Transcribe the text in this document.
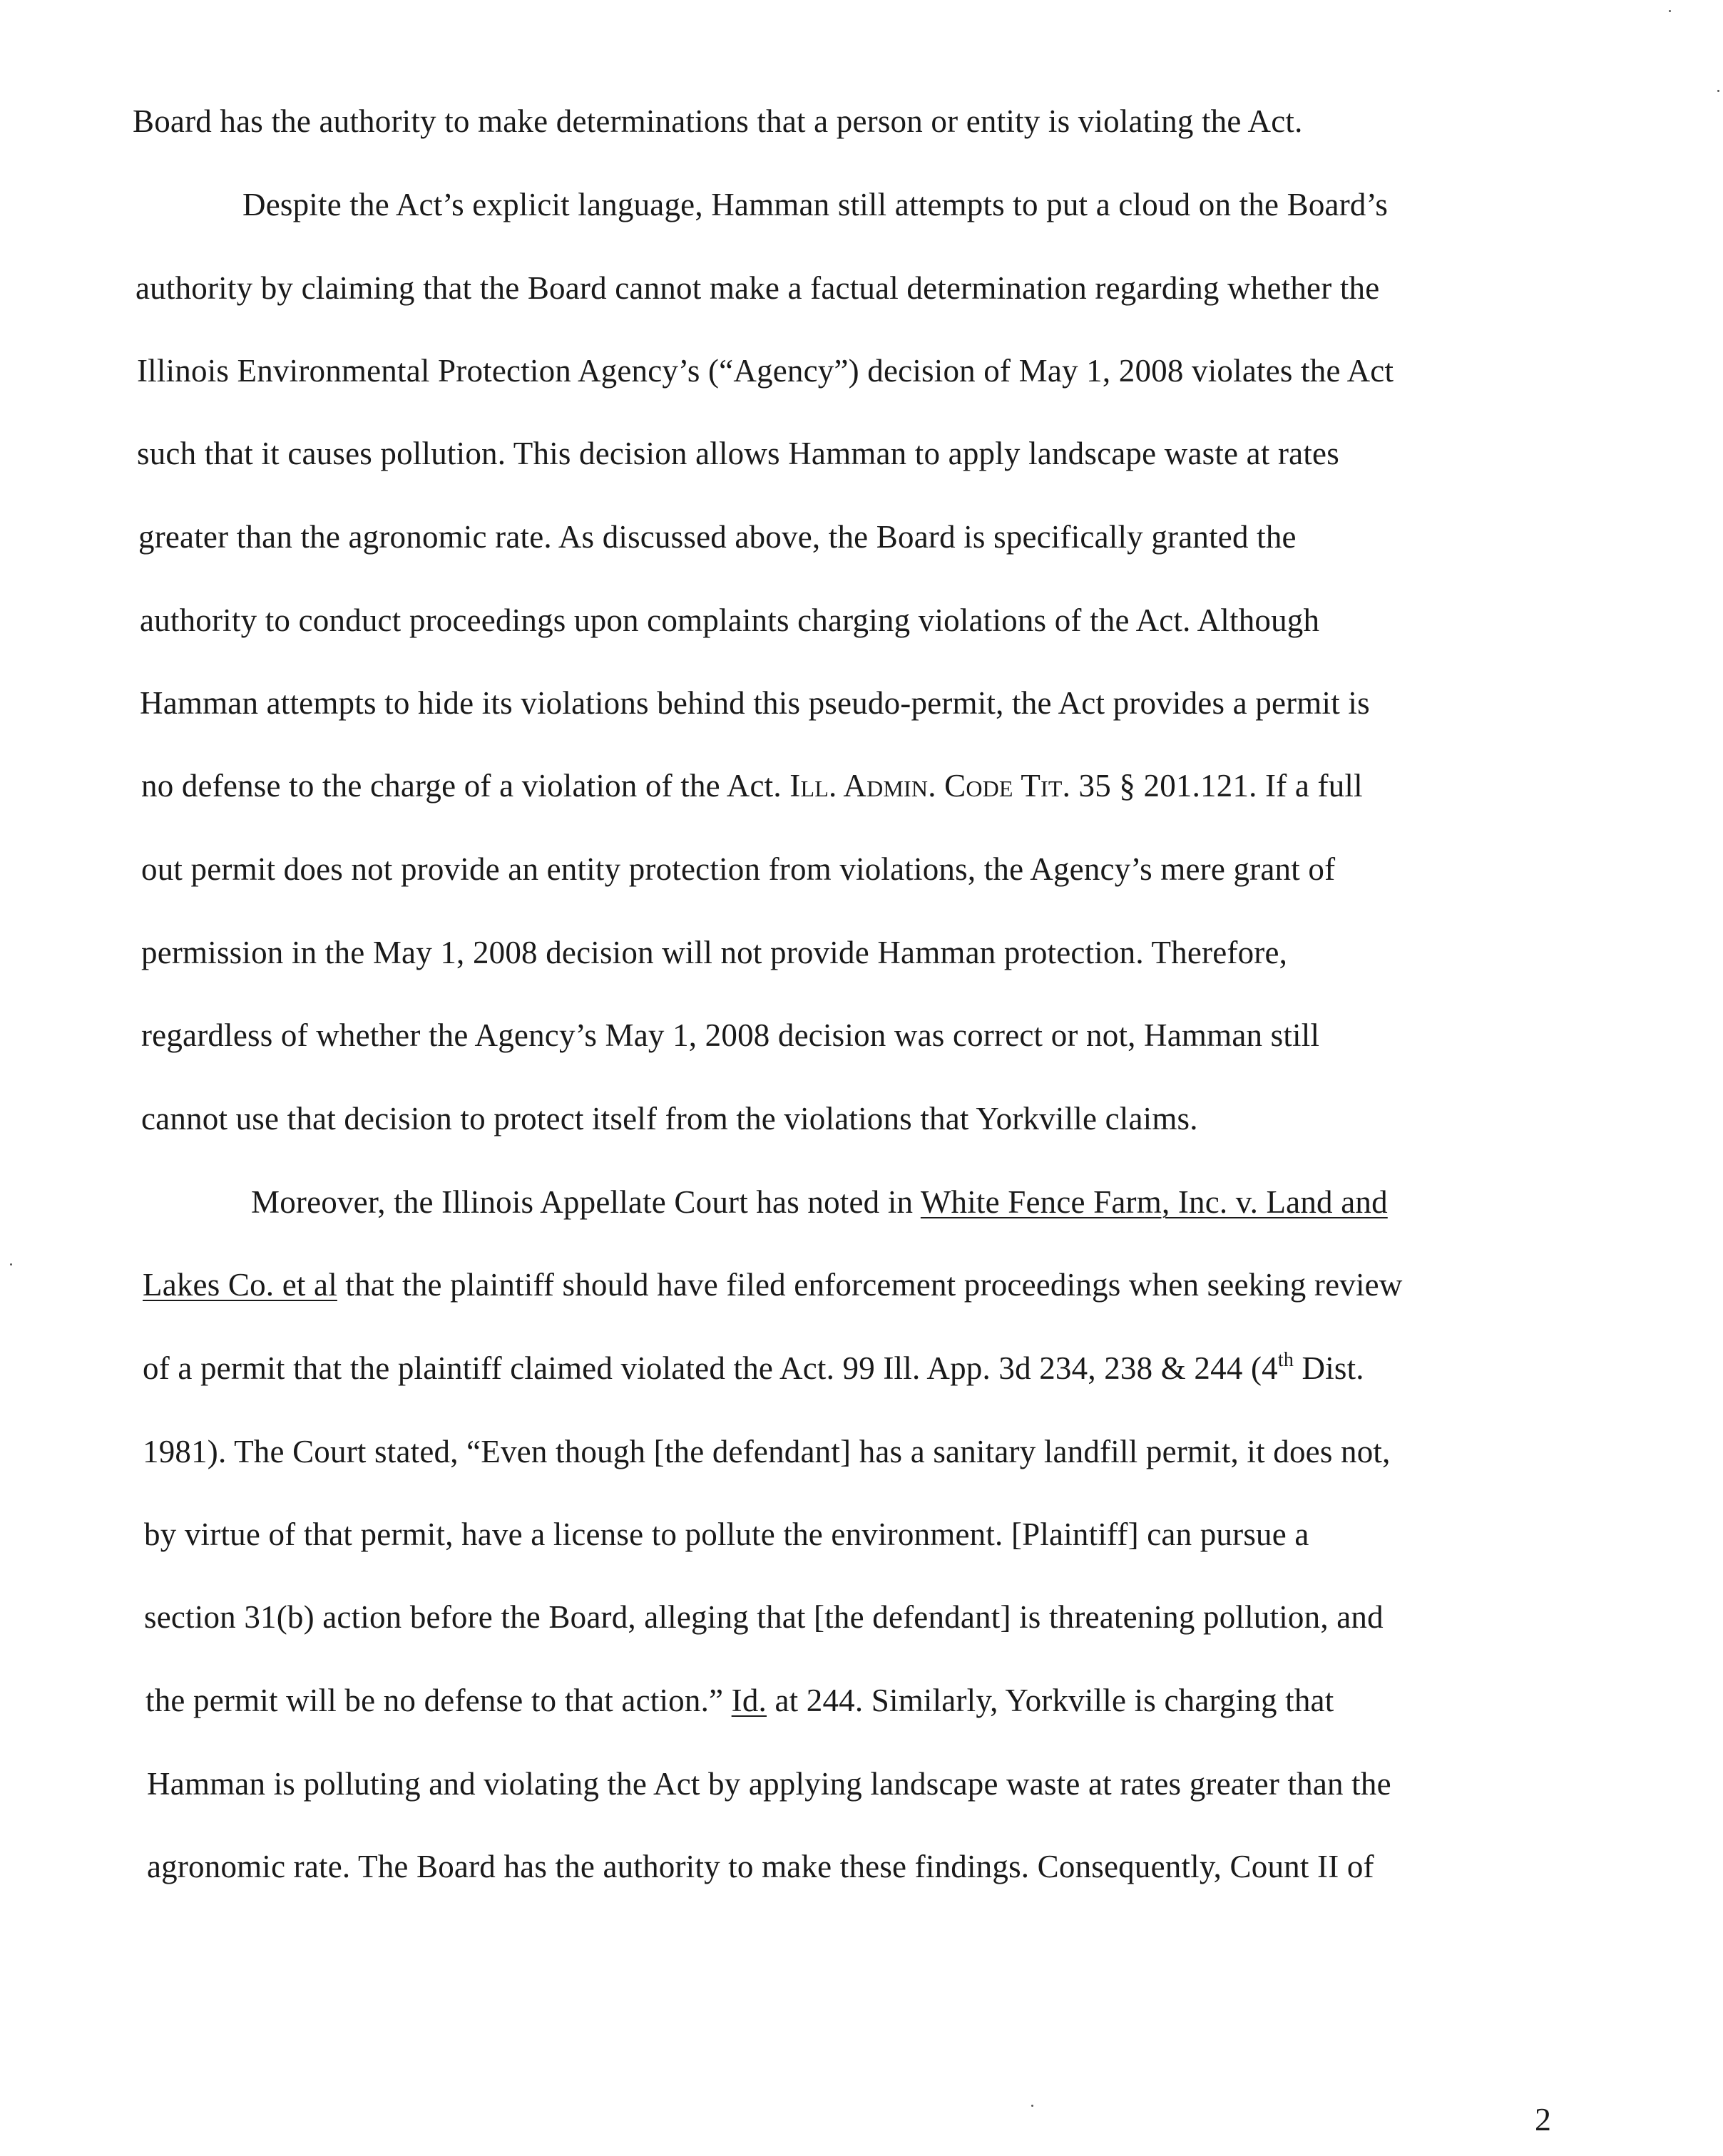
Board has the authority to make determinations that a person or entity is violating the Act.
Despite the Act’s explicit language, Hamman still attempts to put a cloud on the Board’s
authority by claiming that the Board cannot make a factual determination regarding whether the
Illinois Environmental Protection Agency’s (“Agency”) decision of May 1, 2008 violates the Act
such that it causes pollution. This decision allows Hamman to apply landscape waste at rates
greater than the agronomic rate. As discussed above, the Board is specifically granted the
authority to conduct proceedings upon complaints charging violations of the Act. Although
Hamman attempts to hide its violations behind this pseudo-permit, the Act provides a permit is
no defense to the charge of a violation of the Act. Ill. Admin. Code Tit. 35 § 201.121. If a full
out permit does not provide an entity protection from violations, the Agency’s mere grant of
permission in the May 1, 2008 decision will not provide Hamman protection. Therefore,
regardless of whether the Agency’s May 1, 2008 decision was correct or not, Hamman still
cannot use that decision to protect itself from the violations that Yorkville claims.
Moreover, the Illinois Appellate Court has noted in White Fence Farm, Inc. v. Land and
Lakes Co. et al that the plaintiff should have filed enforcement proceedings when seeking review
of a permit that the plaintiff claimed violated the Act. 99 Ill. App. 3d 234, 238 & 244 (4th Dist.
1981). The Court stated, “Even though [the defendant] has a sanitary landfill permit, it does not,
by virtue of that permit, have a license to pollute the environment. [Plaintiff] can pursue a
section 31(b) action before the Board, alleging that [the defendant] is threatening pollution, and
the permit will be no defense to that action.” Id. at 244. Similarly, Yorkville is charging that
Hamman is polluting and violating the Act by applying landscape waste at rates greater than the
agronomic rate. The Board has the authority to make these findings. Consequently, Count II of
2
